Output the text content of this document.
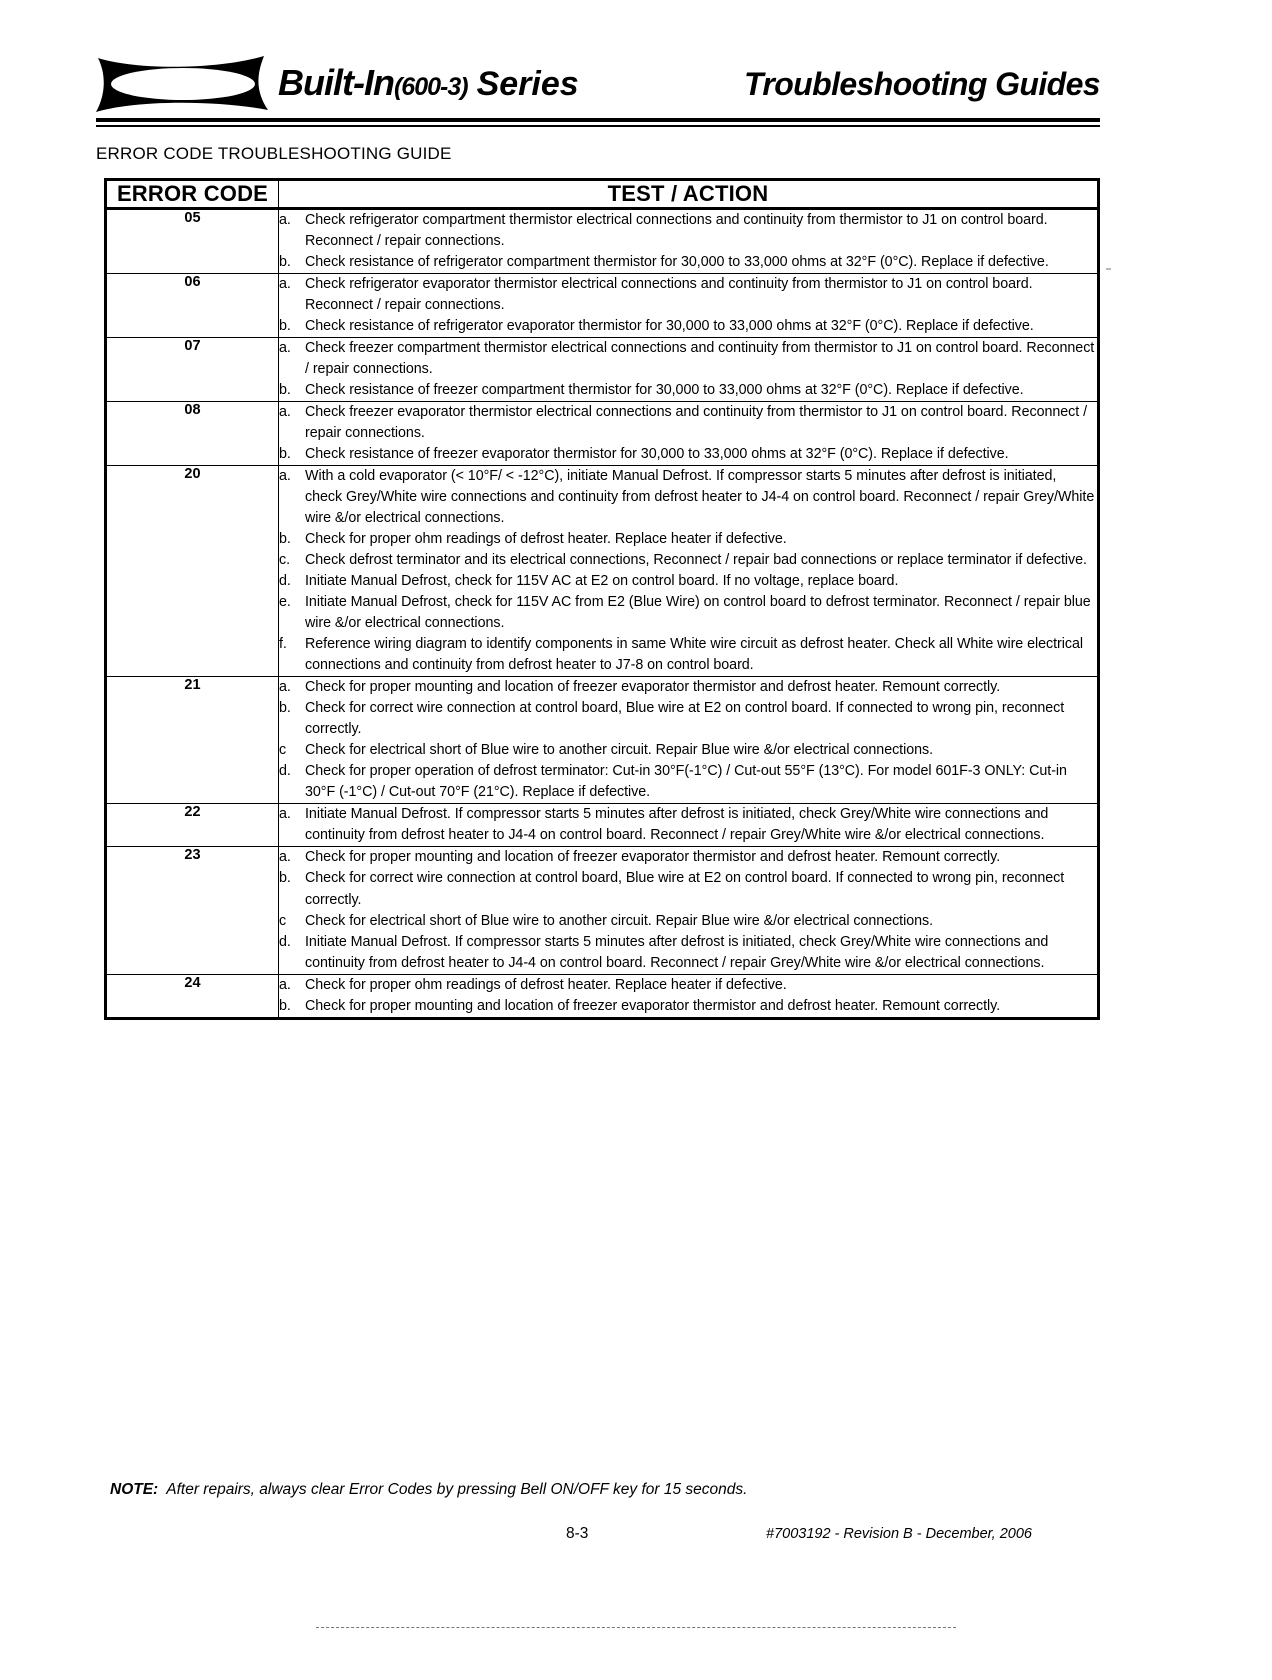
SUB-ZERO	Built-In(600-3) Series	Troubleshooting Guides
ERROR CODE TROUBLESHOOTING GUIDE
ERROR CODE	TEST / ACTION
05	a. Check refrigerator compartment thermistor electrical connections and continuity from thermistor to J1 on control board. Reconnect / repair connections.
b. Check resistance of refrigerator compartment thermistor for 30,000 to 33,000 ohms at 32°F (0°C). Replace if defective.

06	a. Check refrigerator evaporator thermistor electrical connections and continuity from thermistor to J1 on control board. Reconnect / repair connections.
b. Check resistance of refrigerator evaporator thermistor for 30,000 to 33,000 ohms at 32°F (0°C). Replace if defective.

07	a. Check freezer compartment thermistor electrical connections and continuity from thermistor to J1 on control board. Reconnect / repair connections.
b. Check resistance of freezer compartment thermistor for 30,000 to 33,000 ohms at 32°F (0°C). Replace if defective.

08	a. Check freezer evaporator thermistor electrical connections and continuity from thermistor to J1 on control board. Reconnect / repair connections.
b. Check resistance of freezer evaporator thermistor for 30,000 to 33,000 ohms at 32°F (0°C). Replace if defective.

20	a. With a cold evaporator (< 10°F/ < -12°C), initiate Manual Defrost. If compressor starts 5 minutes after defrost is initiated, check Grey/White wire connections and continuity from defrost heater to J4-4 on control board. Reconnect / repair Grey/White wire &/or electrical connections.
b. Check for proper ohm readings of defrost heater. Replace heater if defective.
c.	Check defrost terminator and its electrical connections, Reconnect / repair bad connections or replace terminator if defective.
d. Initiate Manual Defrost, check for 115V AC at E2 on control board. If no voltage, replace board.
e. Initiate Manual Defrost, check for 115V AC from E2 (Blue Wire) on control board to defrost terminator. Reconnect / repair blue wire &/or electrical connections.
f.	Reference wiring diagram to identify components in same White wire circuit as defrost heater. Check all White wire electrical connections and continuity from defrost heater to J7-8 on control board.

21	a. Check for proper mounting and location of freezer evaporator thermistor and defrost heater. Remount correctly.
b. Check for correct wire connection at control board, Blue wire at E2 on control board. If connected to wrong pin, reconnect correctly.
c	Check for electrical short of Blue wire to another circuit. Repair Blue wire &/or electrical connections.
d. Check for proper operation of defrost terminator: Cut-in 30°F(-1°C) / Cut-out 55°F (13°C). For model 601F-3 ONLY: Cut-in 30°F (-1°C) / Cut-out 70°F (21°C). Replace if defective.

22	a. Initiate Manual Defrost. If compressor starts 5 minutes after defrost is initiated, check Grey/White wire connections and continuity from defrost heater to J4-4 on control board. Reconnect / repair Grey/White wire &/or electrical connections.

23	a. Check for proper mounting and location of freezer evaporator thermistor and defrost heater. Remount correctly.
b. Check for correct wire connection at control board, Blue wire at E2 on control board. If connected to wrong pin, reconnect correctly.
c	Check for electrical short of Blue wire to another circuit. Repair Blue wire &/or electrical connections.
d. Initiate Manual Defrost. If compressor starts 5 minutes after defrost is initiated, check Grey/White wire connections and continuity from defrost heater to J4-4 on control board. Reconnect / repair Grey/White wire &/or electrical connections.

24	a. Check for proper ohm readings of defrost heater. Replace heater if defective.
b. Check for proper mounting and location of freezer evaporator thermistor and defrost heater. Remount correctly.
NOTE: After repairs, always clear Error Codes by pressing Bell ON/OFF key for 15 seconds.
8-3	#7003192 - Revision B - December, 2006
